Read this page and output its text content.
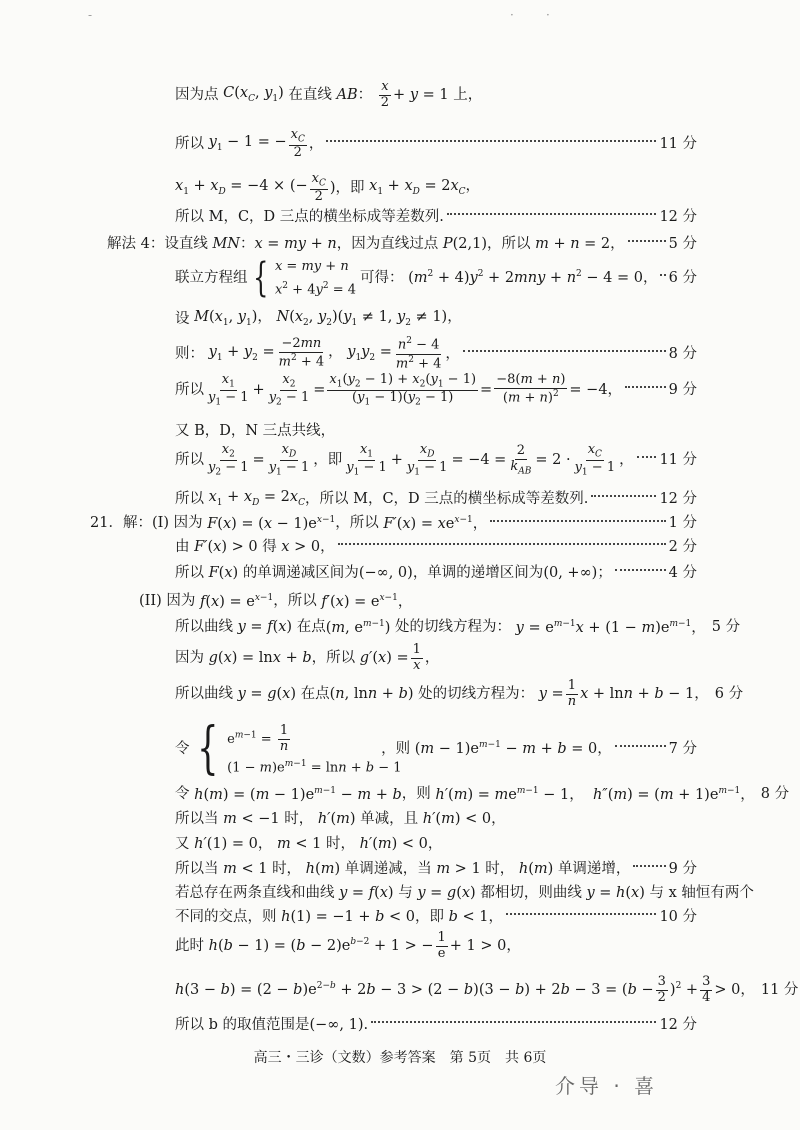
-	·	·
因为点 $C(x_C$, $y_1$) 在直线 AB： $\frac{x}{2} + y = 1$ 上，
所以 $y_1 - 1$ = − $\frac{x_C}{2}$ ，	11 分
$x_1 + x_D = -4$ × (− $\frac{x_C}{2}$ ) ，即 $x_1 + x_D = 2x_C$，
所以 M，C，D 三点的横坐标成等差数列.	12 分
解法 4：设直线 MN：x = my + n ，因为直线过点 P(2,1) ，所以 m + n = 2，	5 分
联立方程组 { x = my + n
$x^2 + 4y^2 = 4$
可得： $(m^2 + 4)y^2 + 2mny + n^2 - 4 = 0$， 6 分
设 $M(x_1$, $y_1$)， $N(x_2$, $y_2)(y_1 \ne 1$, $y_2 \ne 1$)，
则： $y_1 + y_2 = \frac{-2mn}{m^2 + 4}$ ， $y_1y_2 = \frac{n^2 - 4}{m^2 + 4}$ ，	8 分
所以 $\frac{x_1}{y_1 - 1} + \frac{x_2}{y_2 - 1} = \frac{x_1(y_2 - 1) + x_2(y_1 - 1)}{(y_1 - 1)(y_2 - 1)} = \frac{-8(m + n)}{(m + n)^2} = -4$，	9 分
又 B，D，N 三点共线，
所以 $\frac{x_2}{y_2 - 1} = \frac{x_D}{y_1 - 1}$ ，即 $\frac{x_1}{y_1 - 1} + \frac{x_D}{y_1 - 1} = -4 = \frac{2}{k_{AB}} = 2 \cdot \frac{x_C}{y_1 - 1}$ ， 11 分
所以 $x_1 + x_D = 2x_C$ ，所以 M，C，D 三点的横坐标成等差数列.	12 分
21．解：(I) 因为 $F(x) = (x - 1)e^{x-1}$ ，所以 $F'(x) = xe^{x-1}$，	1 分
由 F′(x) > 0 得 x > 0，	2 分
所以 F(x) 的单调递减区间为 (−∞, 0) ，单调的递增区间为 (0, +∞) ；	4 分
(II) 因为 $f(x) = e^{x-1}$ ，所以 $f'(x) = e^{x-1}$，
所以曲线 y = f(x) 在点 (m, $e^{m-1}$) 处的切线方程为： $y = e^{m-1}x + (1 - m)e^{m-1}$， 5 分
因为 g(x) = lnx + b ，所以 $g'(x) = \frac{1}{x}$ ，
所以曲线 y = g(x) 在点 (n, lnn + b) 处的切线方程为： $y = \frac{1}{n}$ x + lnn + b − 1， 6 分
令 { $e^{m-1} = \frac{1}{n}$
$(1 - m)e^{m-1} = \ln n + b - 1$
，则 $(m - 1)e^{m-1} - m + b = 0$，	7 分
令 $h(m) = (m - 1)e^{m-1} - m + b$ ，则 $h'(m) = me^{m-1} - 1$，  $h''(m) = (m + 1)e^{m-1}$， 8 分
所以当 m < −1 时， h′(m) 单减，且 h′(m) < 0，
又 h′(1) = 0， m < 1 时， h′(m) < 0，
所以当 m < 1 时， h(m) 单调递减，当 m > 1 时， h(m) 单调递增，	9 分
若总存在两条直线和曲线 y = f(x) 与 y = g(x) 都相切，则曲线 y = h(x) 与 x 轴恒有两个
不同的交点，则 h(1) = −1 + b < 0 ，即 b < 1，	10 分
此时 $h(b - 1) = (b - 2)e^{b-2} + 1$ > − $\frac{1}{e} + 1 > 0$，
$h(3 - b) = (2 - b)e^{2-b} + 2b - 3 > (2 - b)(3 - b) + 2b - 3 = (b - \frac{3}{2} )^2 + \frac{3}{4} > 0$， 11 分
所以 b 的取值范围是 (−∞, 1) .	12 分
高三・三诊（文数）参考答案　第 5页　共 6页
介导 · 喜
